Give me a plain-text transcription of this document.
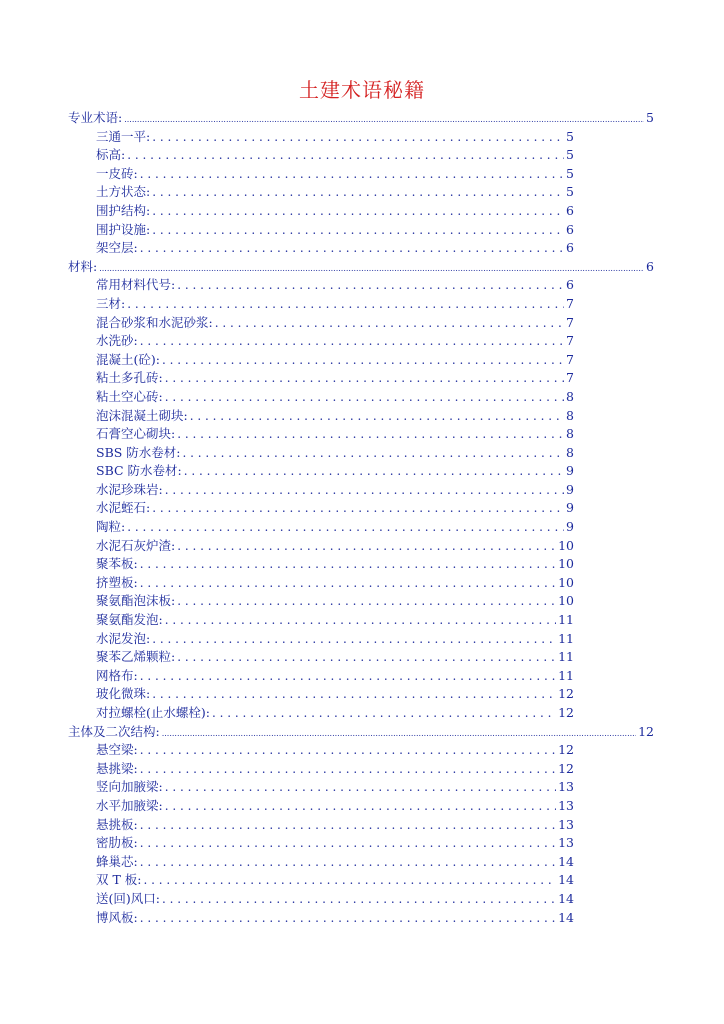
土建术语秘籍
专业术语: .....	5
三通一平: . . .	5
标高: . . .	5
一皮砖: . . .	5
土方状态: . . .	5
围护结构: . . .	6
围护设施: . . .	6
架空层: . . .	6
材料: .....	6
常用材料代号: . . .	6
三材: . . .	7
混合砂浆和水泥砂浆: . . .	7
水洗砂: . . .	7
混凝土(砼): . . .	7
粘土多孔砖: . . .	7
粘土空心砖: . . .	8
泡沫混凝土砌块: . . .	8
石膏空心砌块: . . .	8
SBS 防水卷材: . . .	8
SBC 防水卷材: . . .	9
水泥珍珠岩: . . .	9
水泥蛭石: . . .	9
陶粒: . . .	9
水泥石灰炉渣: . . .	10
聚苯板: . . .	10
挤塑板: . . .	10
聚氨酯泡沫板: . . .	10
聚氨酯发泡: . . .	11
水泥发泡: . . .	11
聚苯乙烯颗粒: . . .	11
网格布: . . .	11
玻化微珠: . . .	12
对拉螺栓(止水螺栓): . . .	12
主体及二次结构: .....	12
悬空梁: . . .	12
悬挑梁: . . .	12
竖向加腋梁: . . .	13
水平加腋梁: . . .	13
悬挑板: . . .	13
密肋板: . . .	13
蜂巢芯: . . .	14
双 T 板: . . .	14
送(回)风口: . . .	14
博风板: . . .	14
